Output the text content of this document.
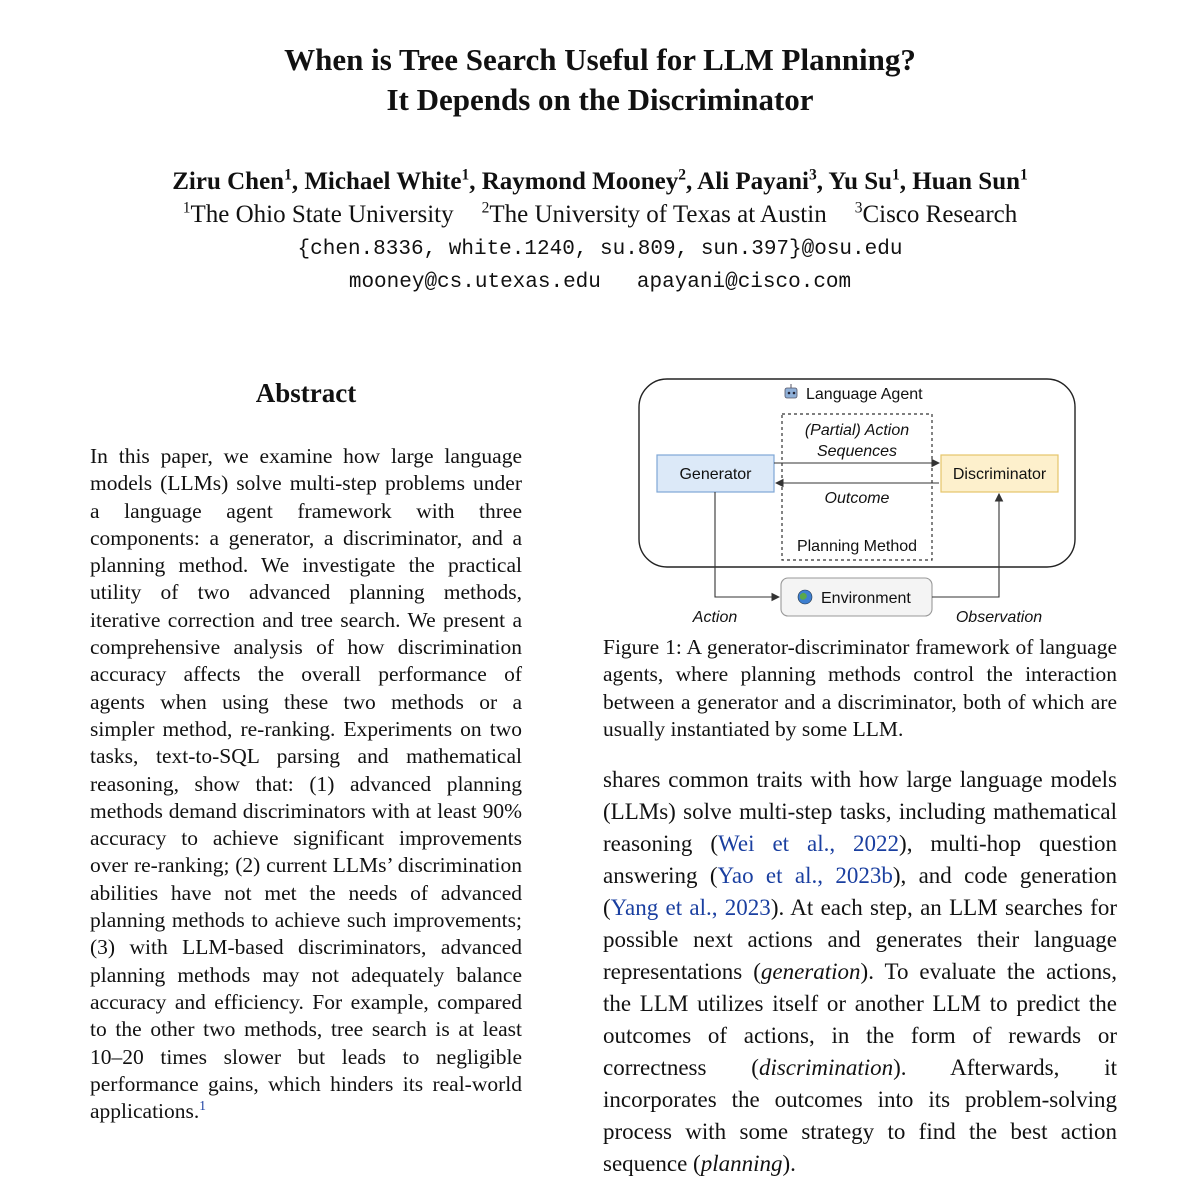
When is Tree Search Useful for LLM Planning?
It Depends on the Discriminator
Ziru Chen$^1$, Michael White$^1$, Raymond Mooney$^2$, Ali Payani$^3$, Yu Su$^1$, Huan Sun$^1$
$^1$The Ohio State University $^2$The University of Texas at Austin $^3$Cisco Research
{chen.8336, white.1240, su.809, sun.397}@osu.edu
mooney@cs.utexas.edu apayani@cisco.com
Abstract
In this paper, we examine how large language models (LLMs) solve multi-step problems under a language agent framework with three components: a generator, a discriminator, and a planning method. We investigate the practical utility of two advanced planning methods, iterative correction and tree search. We present a comprehensive analysis of how discrimination accuracy affects the overall performance of agents when using these two methods or a simpler method, re-ranking. Experiments on two tasks, text-to-SQL parsing and mathematical reasoning, show that: (1) advanced planning methods demand discriminators with at least 90% accuracy to achieve significant improvements over re-ranking; (2) current LLMs’ discrimination abilities have not met the needs of advanced planning methods to achieve such improvements; (3) with LLM-based discriminators, advanced planning methods may not adequately balance accuracy and efficiency. For example, compared to the other two methods, tree search is at least 10–20 times slower but leads to negligible performance gains, which hinders its real-world applications.$^1$
Language Agent
Generator	Discriminator
(Partial) Action
Sequences
Outcome
Planning Method
Environment
Action	Observation
Figure 1: A generator-discriminator framework of language agents, where planning methods control the interaction between a generator and a discriminator, both of which are usually instantiated by some LLM.
shares common traits with how large language models (LLMs) solve multi-step tasks, including mathematical reasoning (Wei et al., 2022), multi-hop question answering (Yao et al., 2023b), and code generation (Yang et al., 2023). At each step, an LLM searches for possible next actions and generates their language representations (generation). To evaluate the actions, the LLM utilizes itself or another LLM to predict the outcomes of actions, in the form of rewards or correctness (discrimination). Afterwards, it incorporates the outcomes into its problem-solving process with some strategy to find the best action sequence (planning).
